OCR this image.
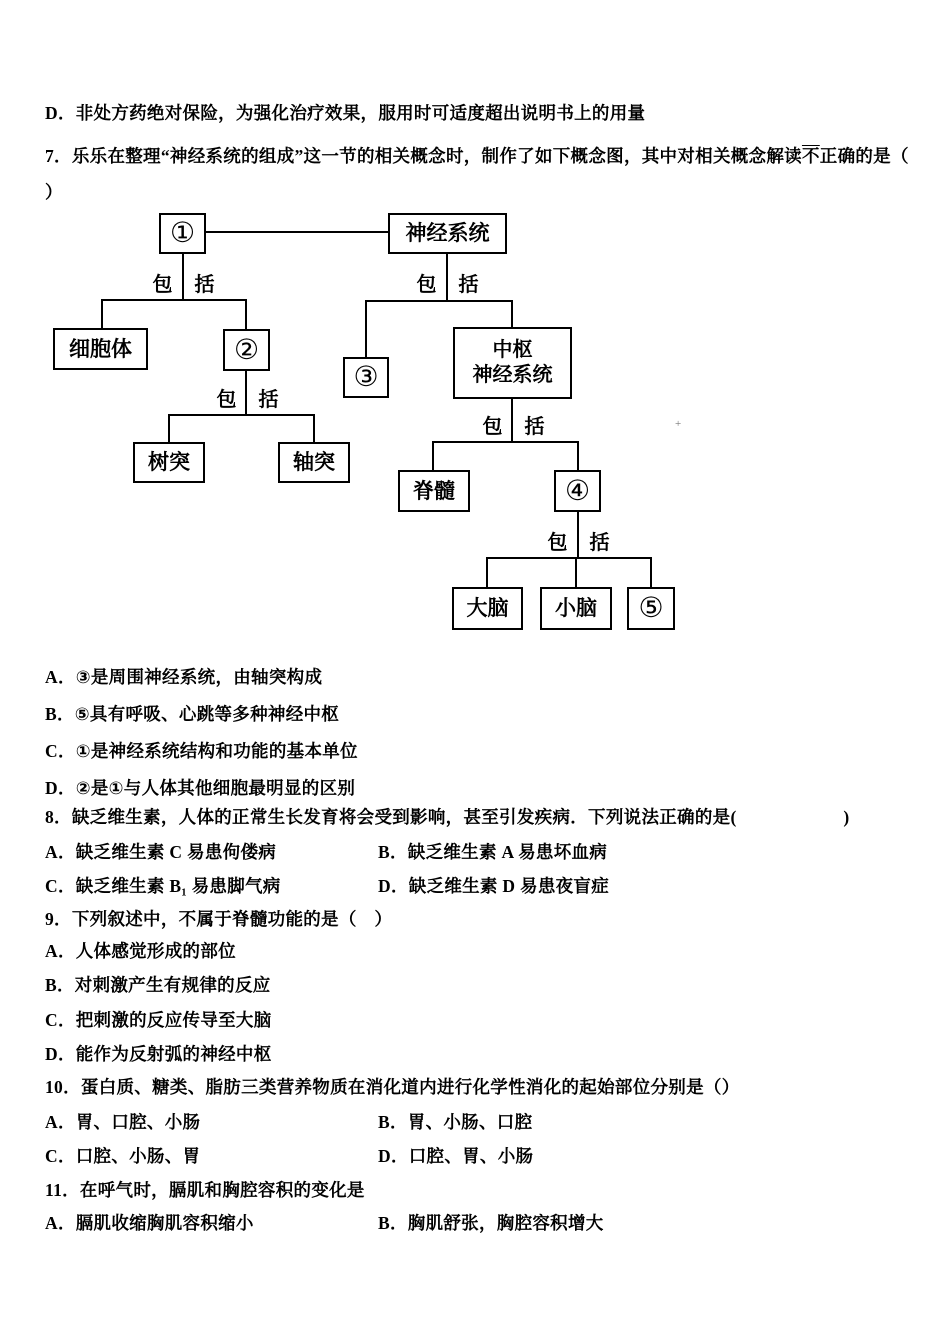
D．非处方药绝对保险，为强化治疗效果，服用时可适度超出说明书上的用量
7．乐乐在整理“神经系统的组成”这一节的相关概念时，制作了如下概念图，其中对相关概念解读不正确的是（
）
包　括	包　括
包　括
包　括
包　括
①	神经系统
细胞体	②
③
中枢
神经系统
树突	轴突
脊髓	④
大脑	小脑	⑤
+
A．③是周围神经系统，由轴突构成
B．⑤具有呼吸、心跳等多种神经中枢
C．①是神经系统结构和功能的基本单位
D．②是①与人体其他细胞最明显的区别
8．缺乏维生素，人体的正常生长发育将会受到影响，甚至引发疾病．下列说法正确的是(　　　　　　)
A．缺乏维生素 C 易患佝偻病	B．缺乏维生素 A 易患坏血病
C．缺乏维生素 B₁ 易患脚气病	D．缺乏维生素 D 易患夜盲症
9．下列叙述中，不属于脊髓功能的是（　）
A．人体感觉形成的部位
B．对刺激产生有规律的反应
C．把刺激的反应传导至大脑
D．能作为反射弧的神经中枢
10．蛋白质、糖类、脂肪三类营养物质在消化道内进行化学性消化的起始部位分别是（）
A．胃、口腔、小肠	B．胃、小肠、口腔
C．口腔、小肠、胃	D．口腔、胃、小肠
11．在呼气时，膈肌和胸腔容积的变化是
A．膈肌收缩胸肌容积缩小	B．胸肌舒张，胸腔容积增大
